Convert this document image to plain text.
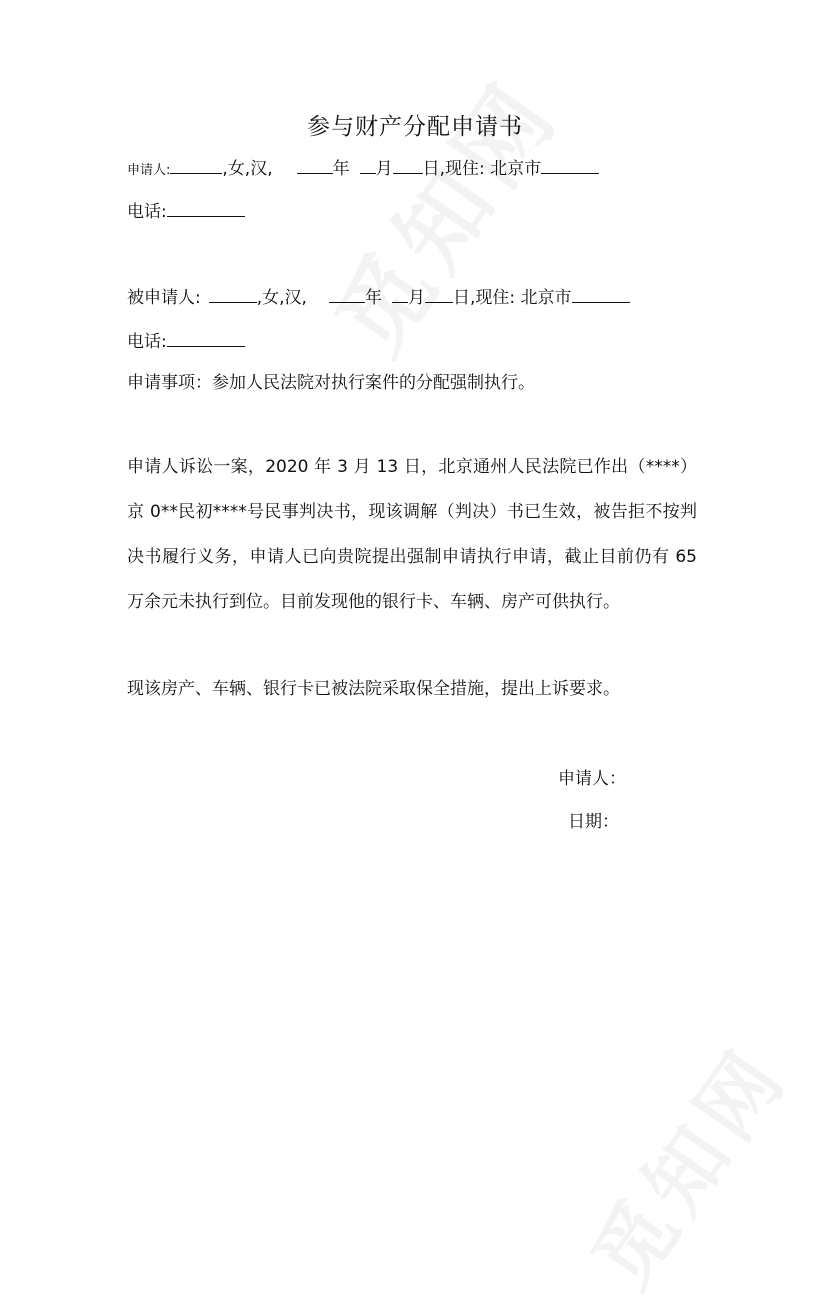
参与财产分配申请书
申请人:	,女,汉,	年 月 日,现住: 北京市
电话:
被申请人:	,女,汉,	年 月 日,现住: 北京市
电话:
申请事项：参加人民法院对执行案件的分配强制执行。
申请人诉讼一案，2020 年 3 月 13 日，北京通州人民法院已作出（****）京 0**民初****号民事判决书，现该调解（判决）书已生效，被告拒不按判决书履行义务，申请人已向贵院提出强制申请执行申请，截止目前仍有 65 万余元未执行到位。目前发现他的银行卡、车辆、房产可供执行。
现该房产、车辆、银行卡已被法院采取保全措施，提出上诉要求。
申请人：
日期：
